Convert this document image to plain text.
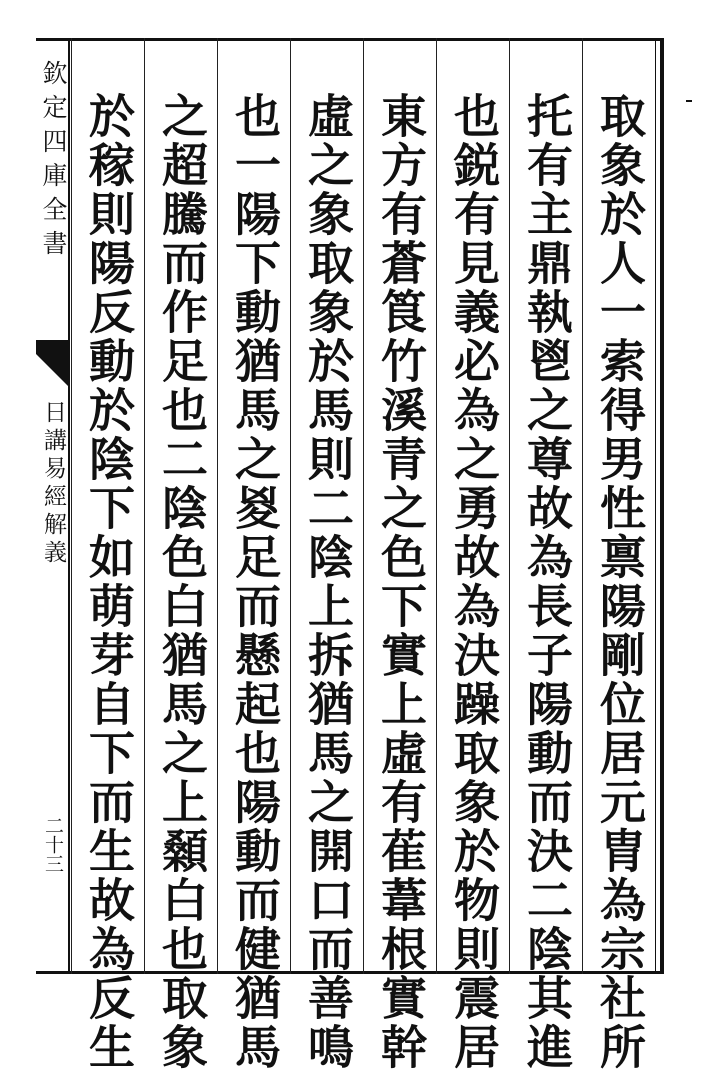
欽定四庫全書
日講易經解義
二十三	取象於人一索得男性禀陽剛位居元胄為宗社所
托有主鼎執鬯之尊故為長子陽動而決二陰其進
也鋭有見義必為之勇故為決躁取象於物則震居
東方有蒼筤竹溪青之色下實上虛有萑葦根實幹
虛之象取象於馬則二陰上拆猶馬之開口而善鳴
也一陽下動猶馬之㚇足而懸起也陽動而健猶馬
之超騰而作足也二陰色白猶馬之上顙白也取象
於稼則陽反動於陰下如萌芽自下而生故為反生
